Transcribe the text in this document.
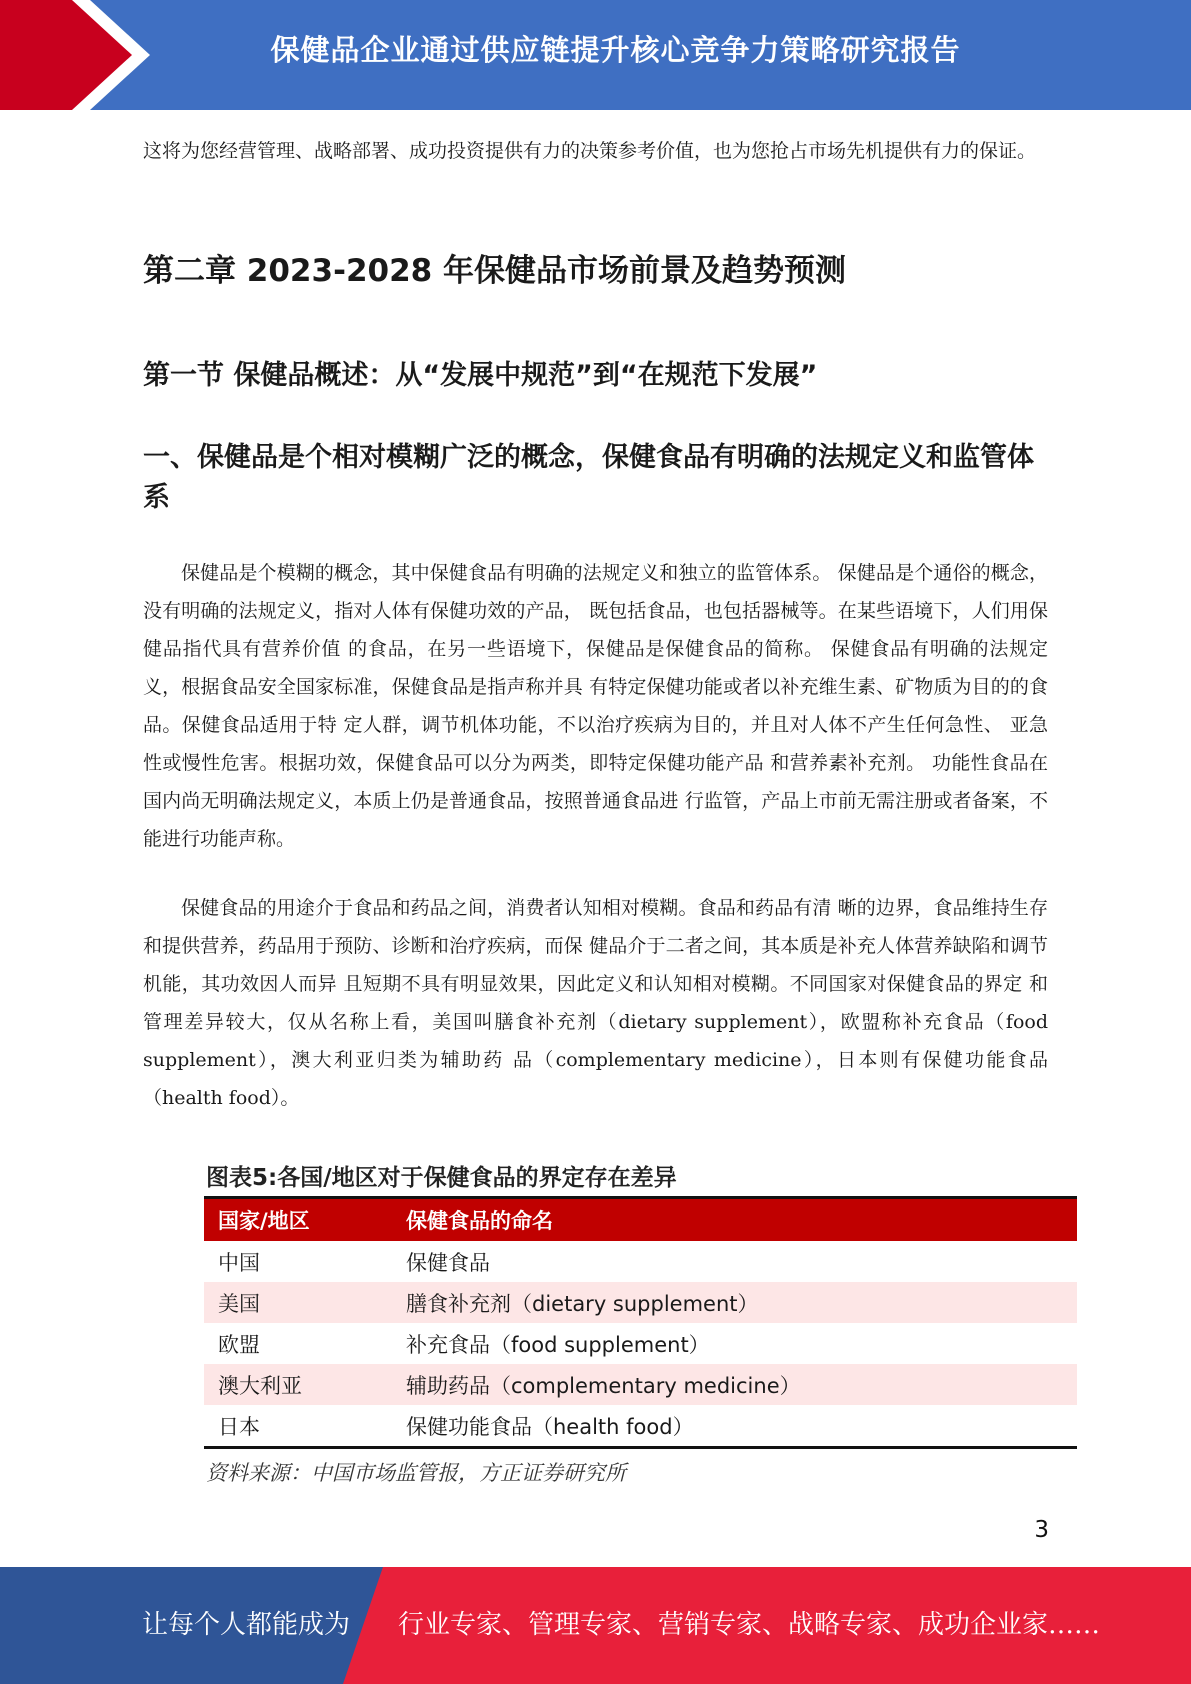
保健品企业通过供应链提升核心竞争力策略研究报告

这将为您经营管理、战略部署、成功投资提供有力的决策参考价值，也为您抢占市场先机提供有力的保证。

第二章 2023-2028 年保健品市场前景及趋势预测
第一节 保健品概述：从“发展中规范”到“在规范下发展”
一、保健品是个相对模糊广泛的概念，保健食品有明确的法规定义和监管体系

保健品是个模糊的概念，其中保健食品有明确的法规定义和独立的监管体系。 保健品是个通俗的概念，没有明确的法规定义，指对人体有保健功效的产品， 既包括食品，也包括器械等。在某些语境下，人们用保健品指代具有营养价值 的食品，在另一些语境下，保健品是保健食品的简称。 保健食品有明确的法规定义，根据食品安全国家标准，保健食品是指声称并具 有特定保健功能或者以补充维生素、矿物质为目的的食品。保健食品适用于特 定人群，调节机体功能，不以治疗疾病为目的，并且对人体不产生任何急性、 亚急性或慢性危害。根据功效，保健食品可以分为两类，即特定保健功能产品 和营养素补充剂。 功能性食品在国内尚无明确法规定义，本质上仍是普通食品，按照普通食品进 行监管，产品上市前无需注册或者备案，不能进行功能声称。

保健食品的用途介于食品和药品之间，消费者认知相对模糊。食品和药品有清 晰的边界，食品维持生存和提供营养，药品用于预防、诊断和治疗疾病，而保 健品介于二者之间，其本质是补充人体营养缺陷和调节机能，其功效因人而异 且短期不具有明显效果，因此定义和认知相对模糊。不同国家对保健食品的界定 和管理差异较大，仅从名称上看，美国叫膳食补充剂（dietary supplement），欧盟称补充食品（food supplement），澳大利亚归类为辅助药 品（complementary medicine），日本则有保健功能食品（health food）。

图表5:各国/地区对于保健食品的界定存在差异
国家/地区	保健食品的命名
中国	保健食品
美国	膳食补充剂（dietary supplement）
欧盟	补充食品（food supplement）
澳大利亚	辅助药品（complementary medicine）
日本	保健功能食品（health food）
资料来源：中国市场监管报，方正证券研究所
3
让每个人都能成为 行业专家、管理专家、营销专家、战略专家、成功企业家……
